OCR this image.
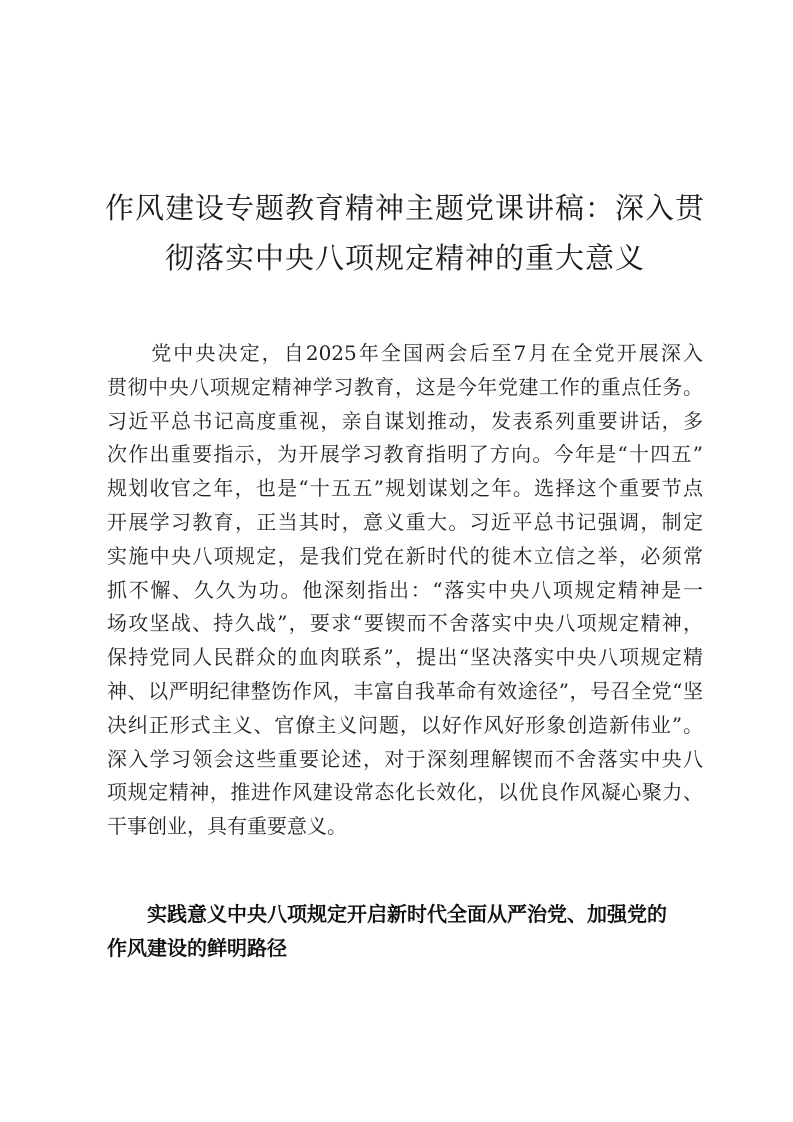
作风建设专题教育精神主题党课讲稿：深入贯
彻落实中央八项规定精神的重大意义
　　党中央决定，自2025年全国两会后至7月在全党开展深入
贯彻中央八项规定精神学习教育，这是今年党建工作的重点任务。
习近平总书记高度重视，亲自谋划推动，发表系列重要讲话，多
次作出重要指示，为开展学习教育指明了方向。今年是“十四五”
规划收官之年，也是“十五五”规划谋划之年。选择这个重要节点
开展学习教育，正当其时，意义重大。习近平总书记强调，制定
实施中央八项规定，是我们党在新时代的徙木立信之举，必须常
抓不懈、久久为功。他深刻指出：“落实中央八项规定精神是一
场攻坚战、持久战”，要求“要锲而不舍落实中央八项规定精神，
保持党同人民群众的血肉联系”，提出“坚决落实中央八项规定精
神、以严明纪律整饬作风，丰富自我革命有效途径”，号召全党“坚
决纠正形式主义、官僚主义问题，以好作风好形象创造新伟业”。
深入学习领会这些重要论述，对于深刻理解锲而不舍落实中央八
项规定精神，推进作风建设常态化长效化，以优良作风凝心聚力、
干事创业，具有重要意义。
　　实践意义中央八项规定开启新时代全面从严治党、加强党的
作风建设的鲜明路径
